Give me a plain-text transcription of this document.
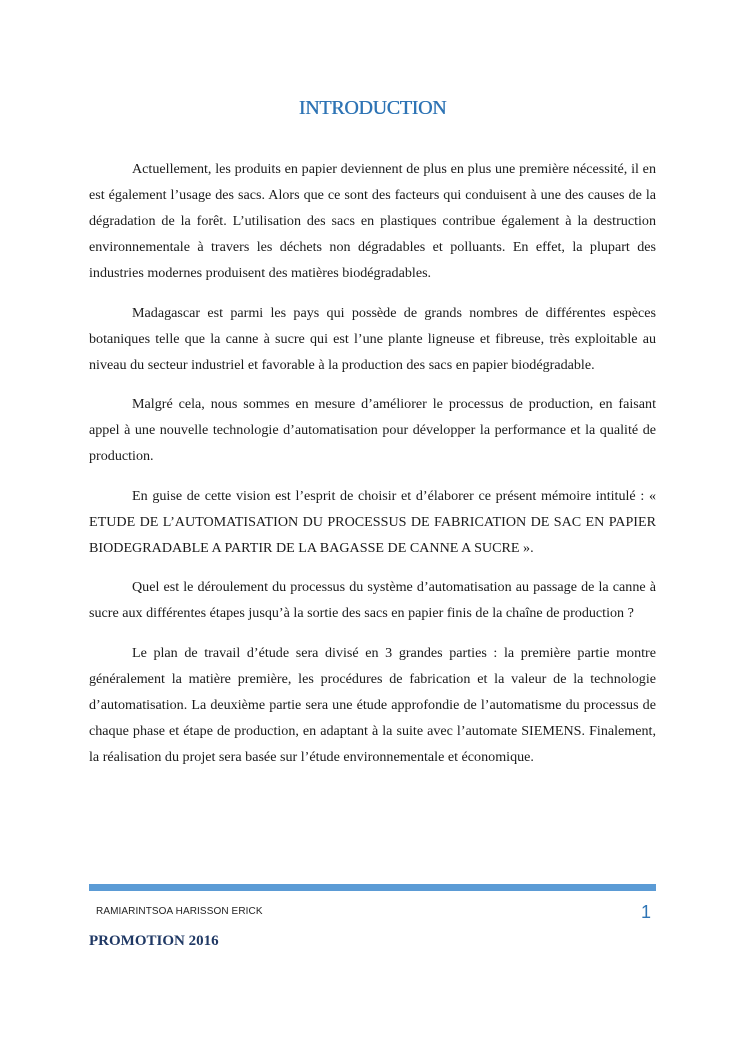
INTRODUCTION

Actuellement, les produits en papier deviennent de plus en plus une première nécessité, il en est également l’usage des sacs. Alors que ce sont des facteurs qui conduisent à une des causes de la dégradation de la forêt. L’utilisation des sacs en plastiques contribue également à la destruction environnementale à travers les déchets non dégradables et polluants. En effet, la plupart des industries modernes produisent des matières biodégradables.

Madagascar est parmi les pays qui possède de grands nombres de différentes espèces botaniques telle que la canne à sucre qui est l’une plante ligneuse et fibreuse, très exploitable au niveau du secteur industriel et favorable à la production des sacs en papier biodégradable.

Malgré cela, nous sommes en mesure d’améliorer le processus de production, en faisant appel à une nouvelle technologie d’automatisation pour développer la performance et la qualité de production.

En guise de cette vision est l’esprit de choisir et d’élaborer ce présent mémoire intitulé : « ETUDE DE L’AUTOMATISATION DU PROCESSUS DE FABRICATION DE SAC EN PAPIER BIODEGRADABLE A PARTIR DE LA BAGASSE DE CANNE A SUCRE ».

Quel est le déroulement du processus du système d’automatisation au passage de la canne à sucre aux différentes étapes jusqu’à la sortie des sacs en papier finis de la chaîne de production ?

Le plan de travail d’étude sera divisé en 3 grandes parties : la première partie montre généralement la matière première, les procédures de fabrication et la valeur de la technologie d’automatisation. La deuxième partie sera une étude approfondie de l’automatisme du processus de chaque phase et étape de production, en adaptant à la suite avec l’automate SIEMENS. Finalement, la réalisation du projet sera basée sur l’étude environnementale et économique.

RAMIARINTSOA HARISSON ERICK	1
PROMOTION 2016
